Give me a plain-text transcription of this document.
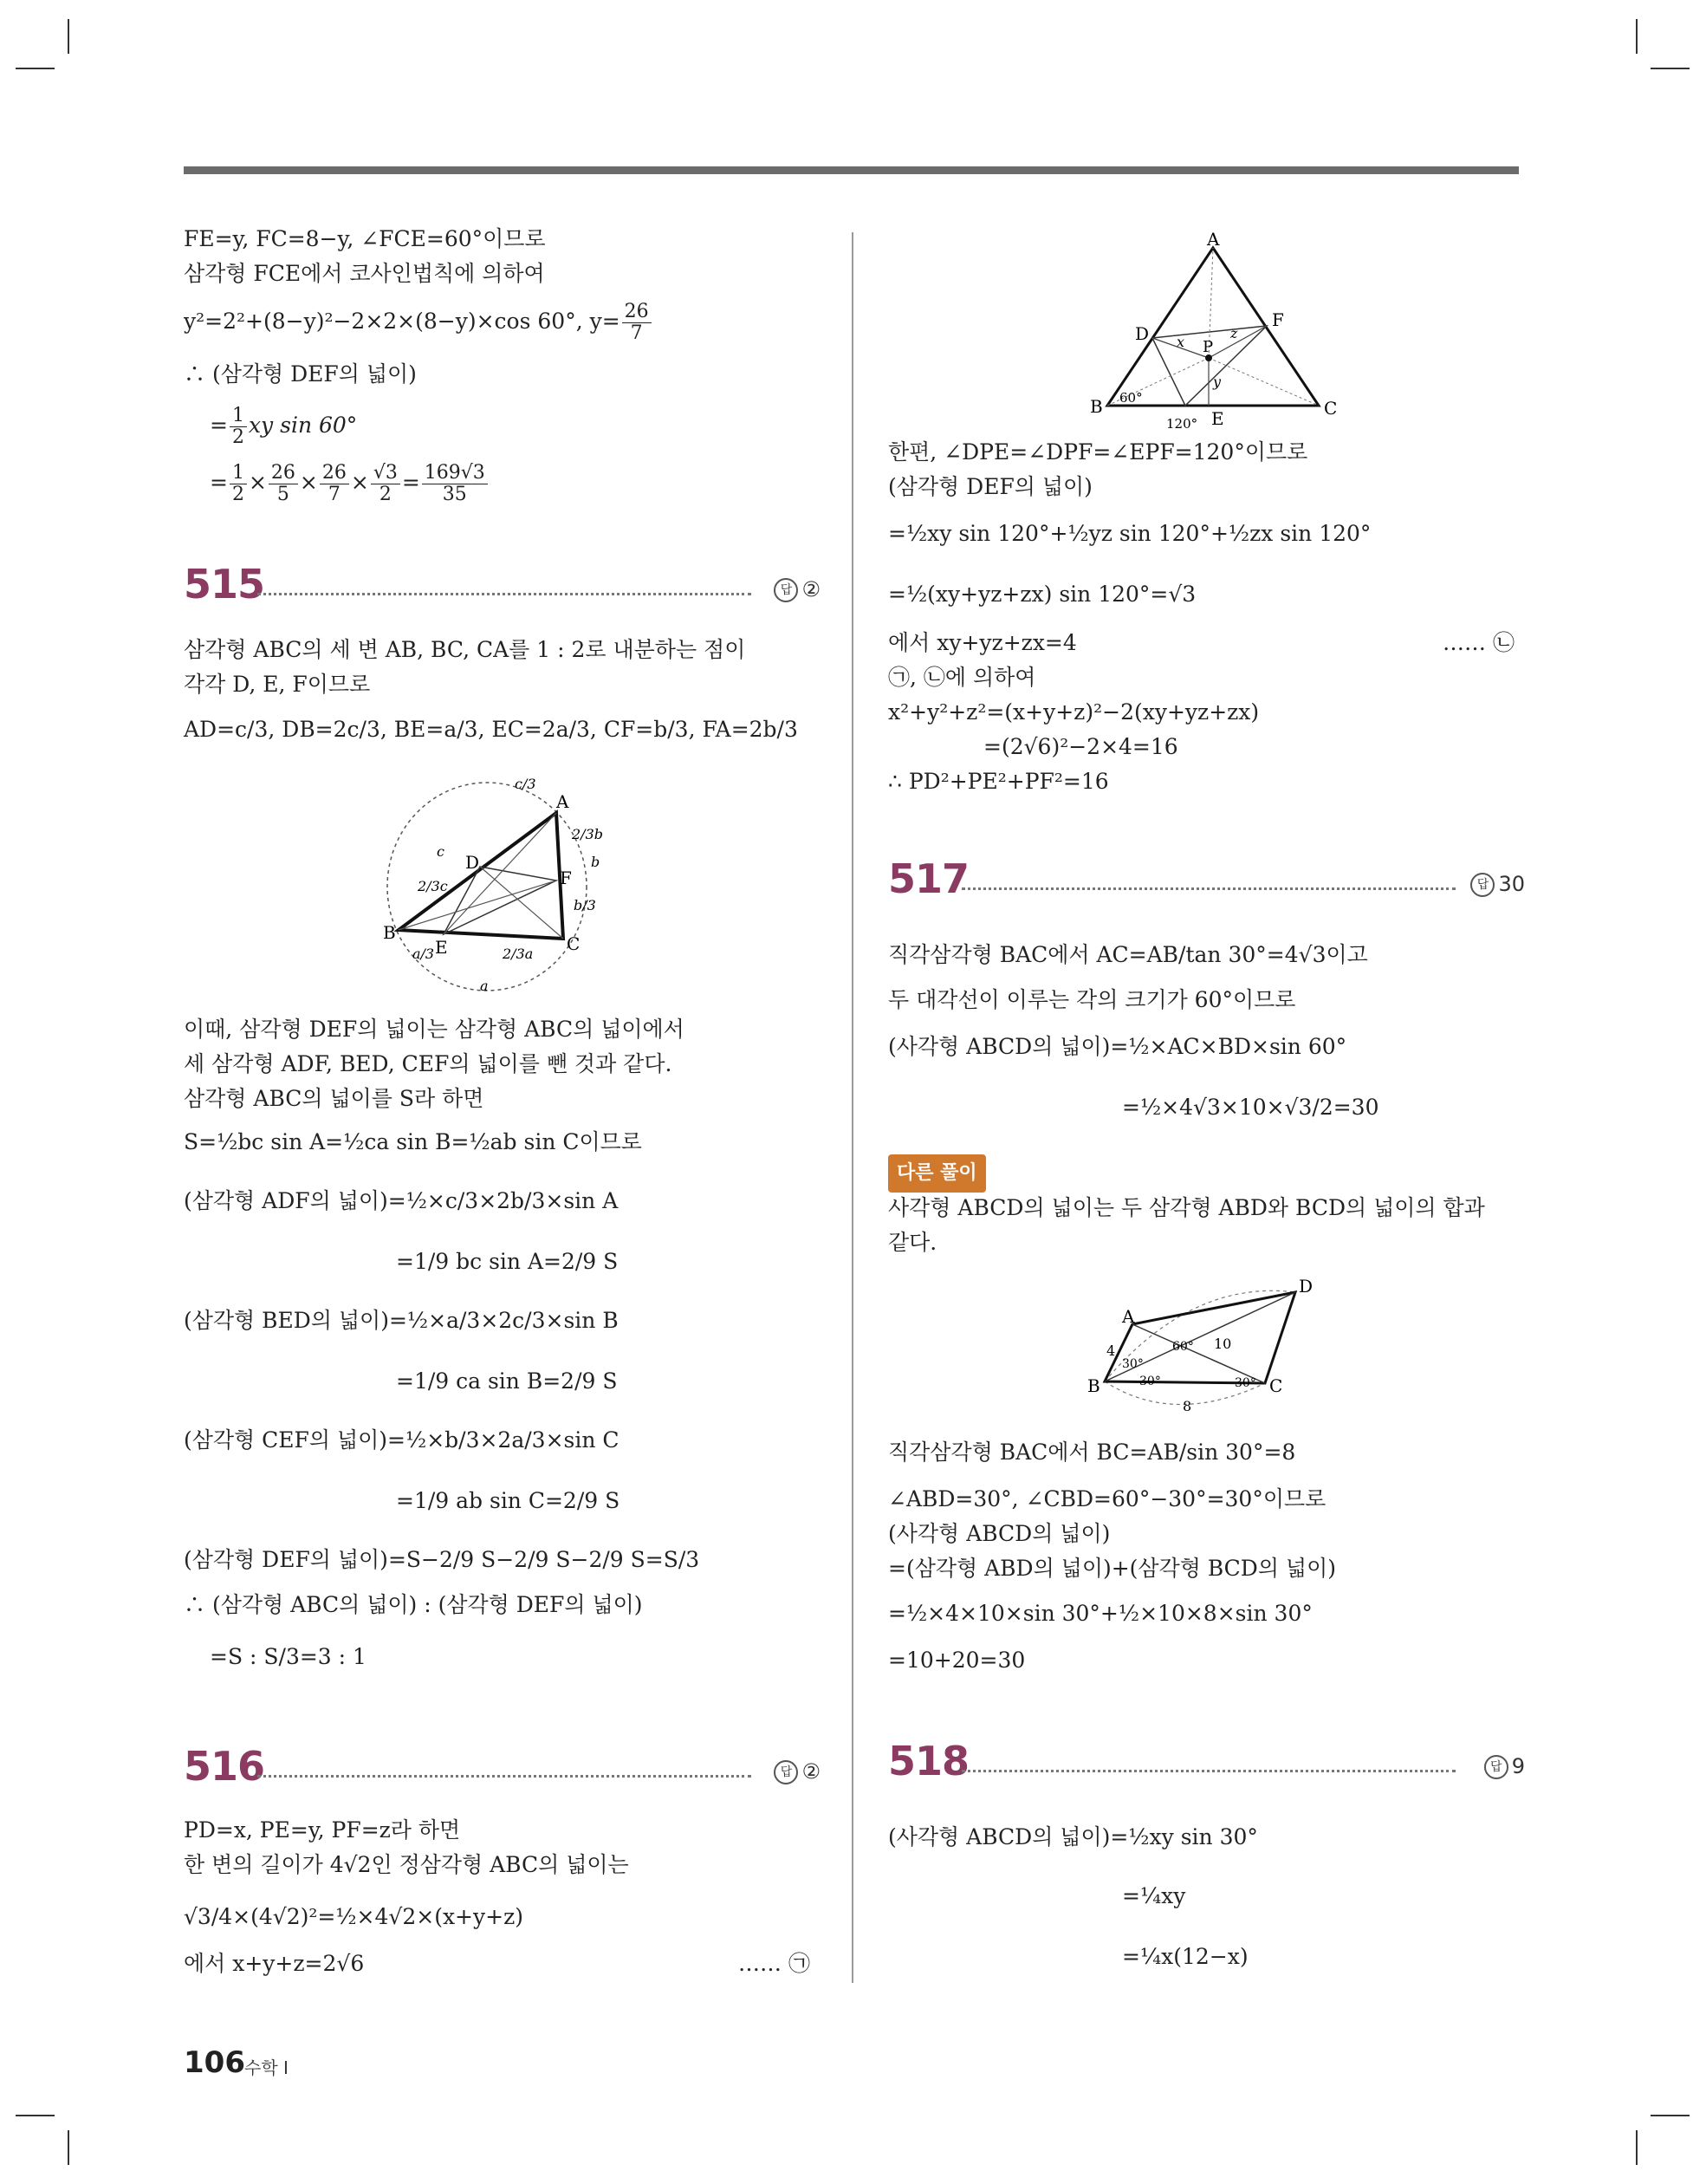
FE=y, FC=8−y, ∠FCE=60°이므로
삼각형 FCE에서 코사인법칙에 의하여
y²=2²+(8−y)²−2×2×(8−y)×cos 60°, $y= \frac{26}{7}$
∴ (삼각형 DEF의 넓이)
= $\frac{1}{2}$ xy sin 60°
= $\frac{1}{2} \times \frac{26}{5} \times \frac{26}{7} \times \frac{√3}{2} = \frac{169√3}{35}$
515	답 ②
삼각형 ABC의 세 변 AB, BC, CA를 1 : 2로 내분하는 점이
각각 D, E, F이므로
AD=c/3, DB=2c/3, BE=a/3, EC=2a/3, CF=b/3, FA=2b/3
A
B
C
D
E
F
c/3
c
2/3c
2/3b
b
b/3
a/3	2/3a
a
이때, 삼각형 DEF의 넓이는 삼각형 ABC의 넓이에서
세 삼각형 ADF, BED, CEF의 넓이를 뺀 것과 같다.
삼각형 ABC의 넓이를 S라 하면
S=½bc sin A=½ca sin B=½ab sin C이므로
(삼각형 ADF의 넓이)=½×c/3×2b/3×sin A
=1/9 bc sin A=2/9 S
(삼각형 BED의 넓이)=½×a/3×2c/3×sin B
=1/9 ca sin B=2/9 S
(삼각형 CEF의 넓이)=½×b/3×2a/3×sin C
=1/9 ab sin C=2/9 S
(삼각형 DEF의 넓이)=S−2/9 S−2/9 S−2/9 S=S/3
∴ (삼각형 ABC의 넓이) : (삼각형 DEF의 넓이)
=S : S/3=3 : 1
516	답 ②
PD=x, PE=y, PF=z라 하면
한 변의 길이가 4√2인 정삼각형 ABC의 넓이는
√3/4×(4√2)²=½×4√2×(x+y+z)
에서 x+y+z=2√6	…… ㉠
A
B	C
D
E
F
P
x
y
z
60°
120°
한편, ∠DPE=∠DPF=∠EPF=120°이므로
(삼각형 DEF의 넓이)
=½xy sin 120°+½yz sin 120°+½zx sin 120°
=½(xy+yz+zx) sin 120°=√3
에서 xy+yz+zx=4	…… ㉡
㉠, ㉡에 의하여
x²+y²+z²=(x+y+z)²−2(xy+yz+zx)
=(2√6)²−2×4=16
∴ PD²+PE²+PF²=16
517	답 30
직각삼각형 BAC에서 AC=AB/tan 30°=4√3이고
두 대각선이 이루는 각의 크기가 60°이므로
(사각형 ABCD의 넓이)=½×AC×BD×sin 60°
=½×4√3×10×√3/2=30
다른 풀이
사각형 ABCD의 넓이는 두 삼각형 ABD와 BCD의 넓이의 합과
같다.
A
B	C
D
4	10
8
60°
30°
30°	30°
직각삼각형 BAC에서 BC=AB/sin 30°=8
∠ABD=30°, ∠CBD=60°−30°=30°이므로
(사각형 ABCD의 넓이)
=(삼각형 ABD의 넓이)+(삼각형 BCD의 넓이)
=½×4×10×sin 30°+½×10×8×sin 30°
=10+20=30
518	답 9
(사각형 ABCD의 넓이)=½xy sin 30°
=¼xy
=¼x(12−x)
106 수학 I
